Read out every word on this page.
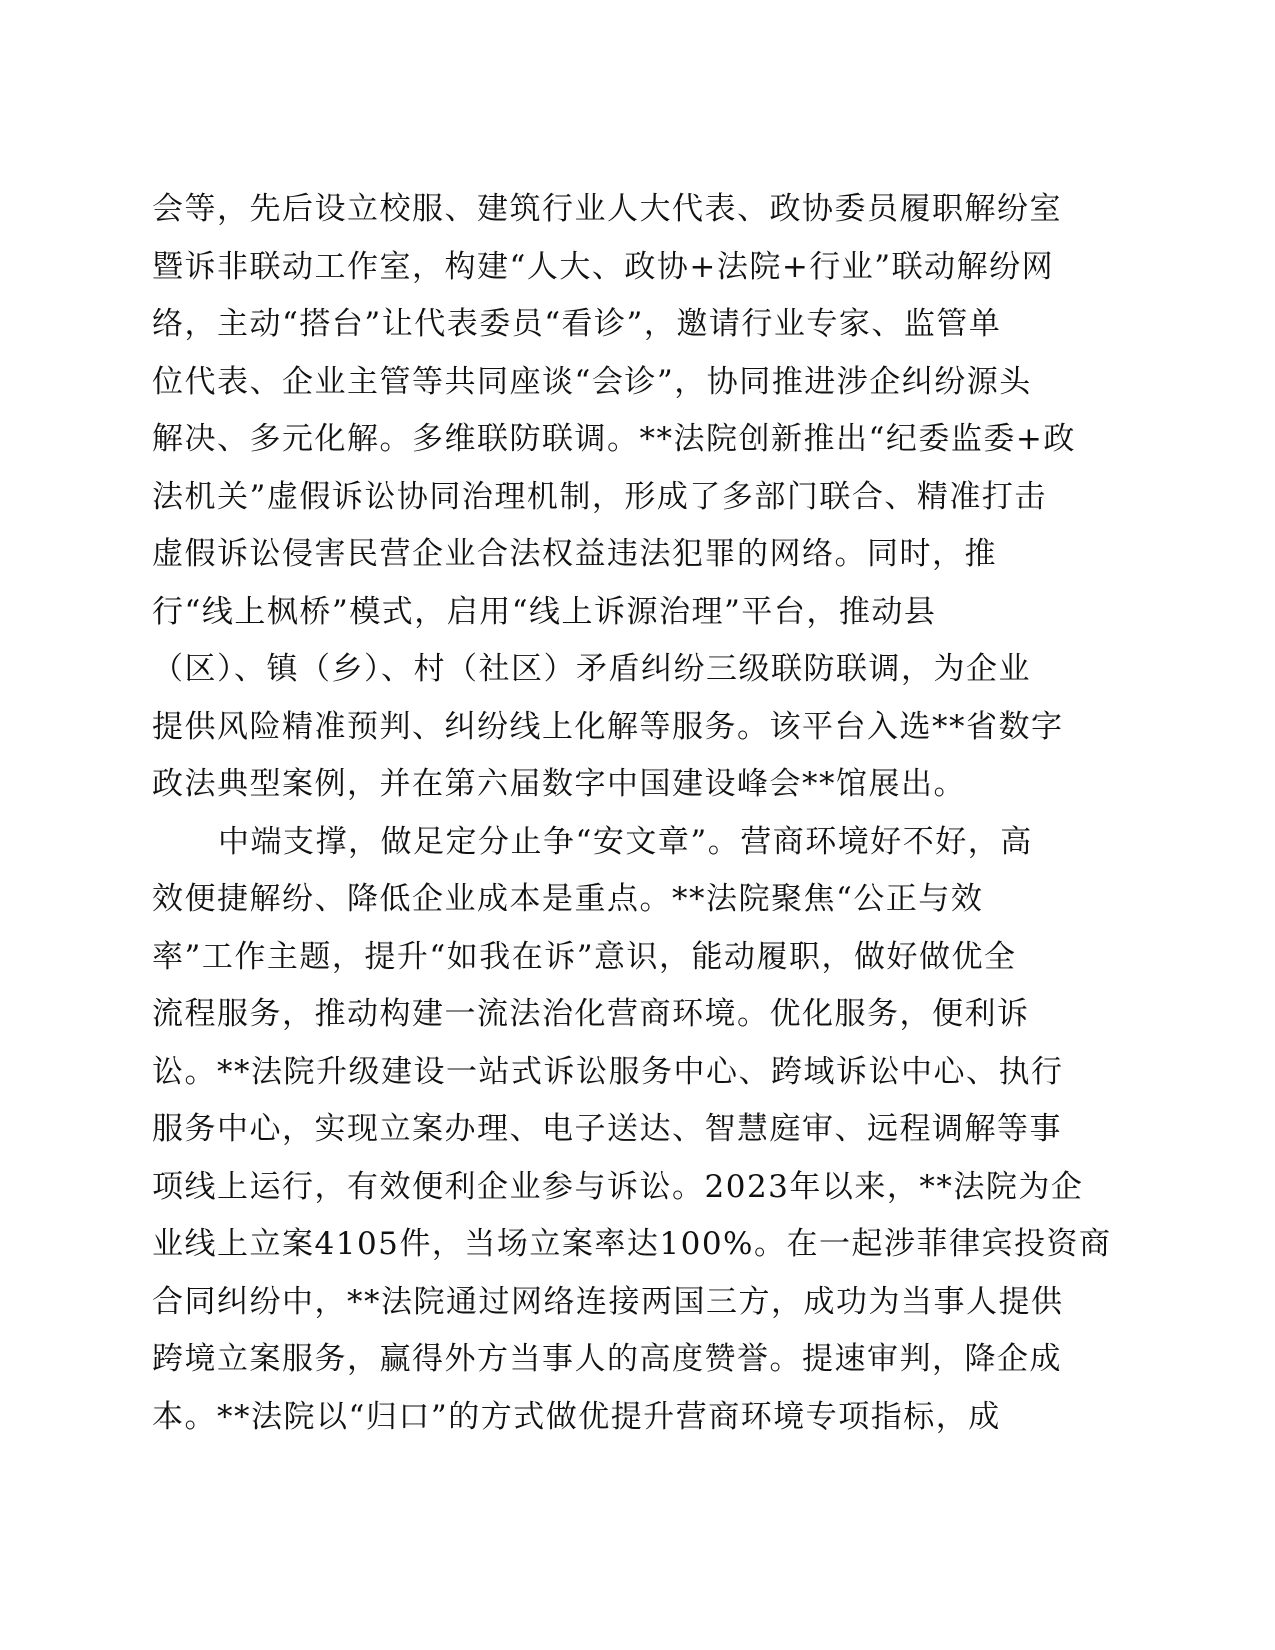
会等，先后设立校服、建筑行业人大代表、政协委员履职解纷室
暨诉非联动工作室，构建“人大、政协+法院+行业”联动解纷网
络，主动“搭台”让代表委员“看诊”，邀请行业专家、监管单
位代表、企业主管等共同座谈“会诊”，协同推进涉企纠纷源头
解决、多元化解。多维联防联调。**法院创新推出“纪委监委+政
法机关”虚假诉讼协同治理机制，形成了多部门联合、精准打击
虚假诉讼侵害民营企业合法权益违法犯罪的网络。同时，推
行“线上枫桥”模式，启用“线上诉源治理”平台，推动县
（区）、镇（乡）、村（社区）矛盾纠纷三级联防联调，为企业
提供风险精准预判、纠纷线上化解等服务。该平台入选**省数字
政法典型案例，并在第六届数字中国建设峰会**馆展出。
中端支撑，做足定分止争“安文章”。营商环境好不好，高
效便捷解纷、降低企业成本是重点。**法院聚焦“公正与效
率”工作主题，提升“如我在诉”意识，能动履职，做好做优全
流程服务，推动构建一流法治化营商环境。优化服务，便利诉
讼。**法院升级建设一站式诉讼服务中心、跨域诉讼中心、执行
服务中心，实现立案办理、电子送达、智慧庭审、远程调解等事
项线上运行，有效便利企业参与诉讼。2023年以来，**法院为企
业线上立案4105件，当场立案率达100%。在一起涉菲律宾投资商
合同纠纷中，**法院通过网络连接两国三方，成功为当事人提供
跨境立案服务，赢得外方当事人的高度赞誉。提速审判，降企成
本。**法院以“归口”的方式做优提升营商环境专项指标，成
